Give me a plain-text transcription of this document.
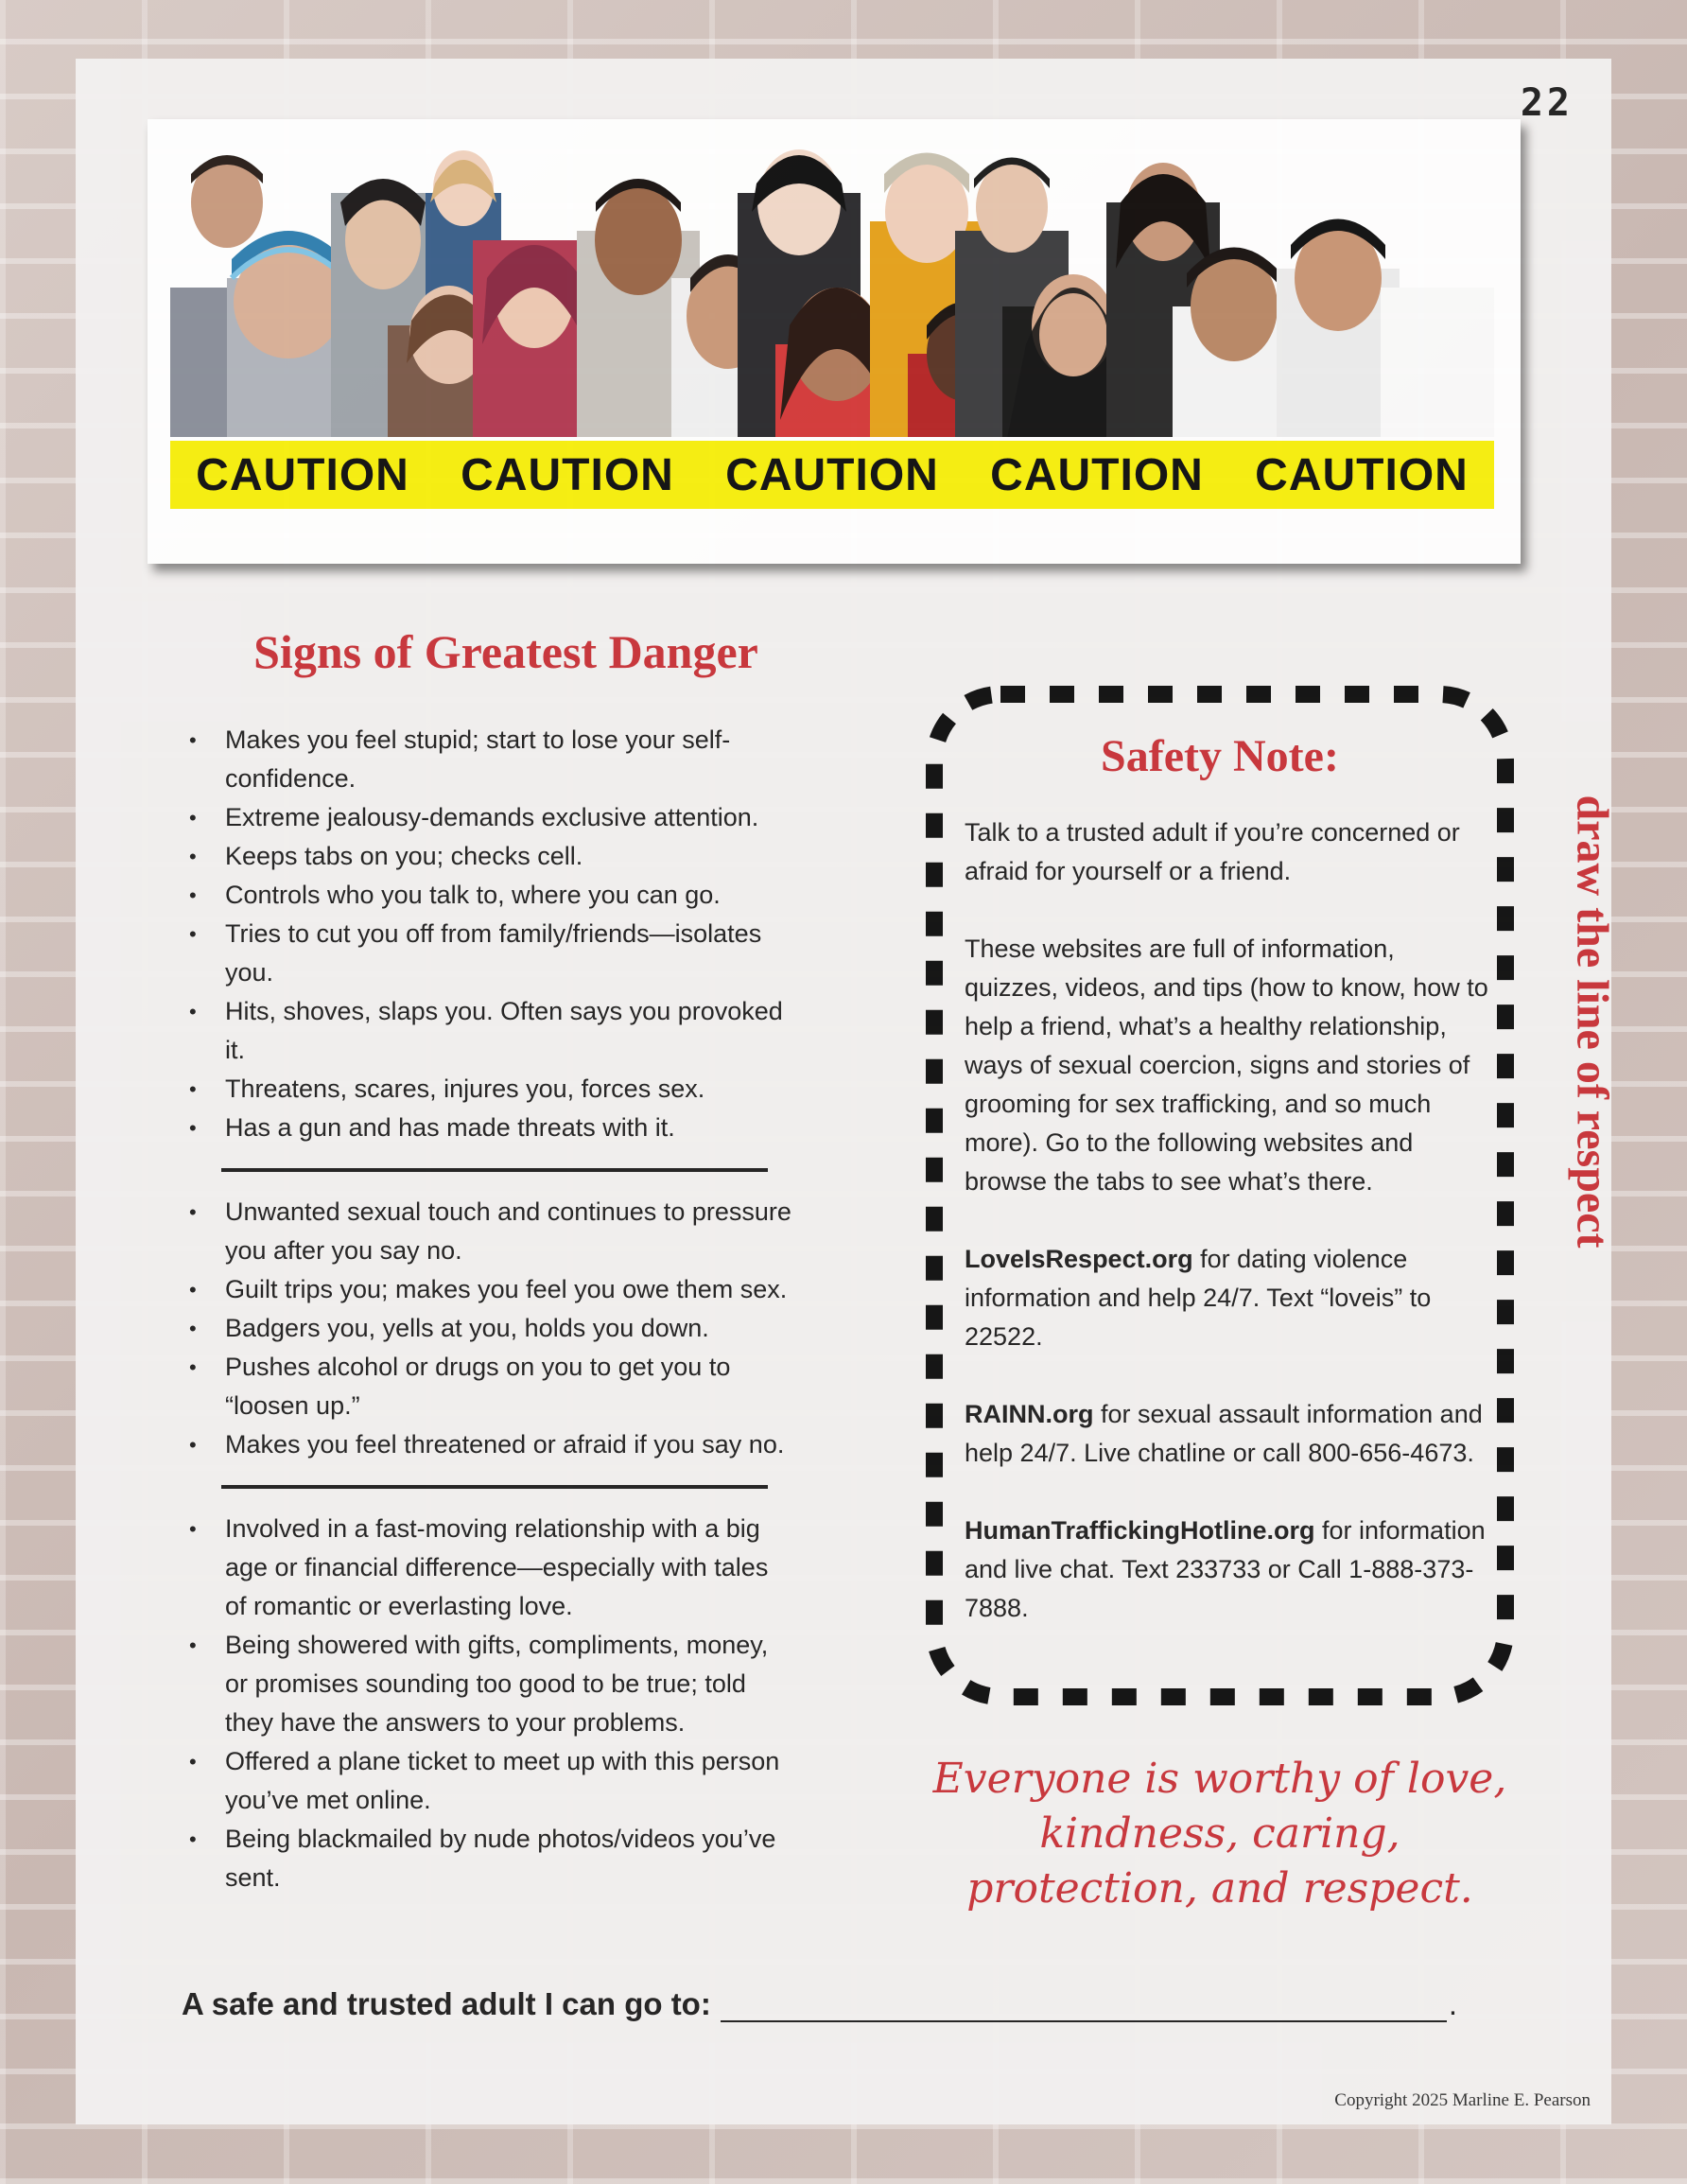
22
CAUTION CAUTION CAUTION CAUTION CAUTION
Signs of Greatest Danger
• Makes you feel stupid; start to lose your self-confidence.
• Extreme jealousy-demands exclusive attention.
• Keeps tabs on you; checks cell.
• Controls who you talk to, where you can go.
• Tries to cut you off from family/friends—isolates you.
• Hits, shoves, slaps you. Often says you provoked it.
• Threatens, scares, injures you, forces sex.
• Has a gun and has made threats with it.
• Unwanted sexual touch and continues to pressure you after you say no.
• Guilt trips you; makes you feel you owe them sex.
• Badgers you, yells at you, holds you down.
• Pushes alcohol or drugs on you to get you to “loosen up.”
• Makes you feel threatened or afraid if you say no.
• Involved in a fast-moving relationship with a big age or financial difference—especially with tales of romantic or everlasting love.
• Being showered with gifts, compliments, money, or promises sounding too good to be true; told they have the answers to your problems.
• Offered a plane ticket to meet up with this person you’ve met online.
• Being blackmailed by nude photos/videos you’ve sent.
Safety Note:

Talk to a trusted adult if you’re concerned or afraid for yourself or a friend.

These websites are full of information, quizzes, videos, and tips (how to know, how to help a friend, what’s a healthy relationship, ways of sexual coercion, signs and stories of grooming for sex trafficking, and so much more). Go to the following websites and browse the tabs to see what’s there.

LoveIsRespect.org for dating violence information and help 24/7. Text “loveis” to 22522.

RAINN.org for sexual assault information and help 24/7. Live chatline or call 800-656-4673.

HumanTraffickingHotline.org for information and live chat. Text 233733 or Call 1-888-373-7888.

draw the line of respect
Everyone is worthy of love, kindness, caring, protection, and respect.
A safe and trusted adult I can go to:	.
Copyright 2025 Marline E. Pearson
